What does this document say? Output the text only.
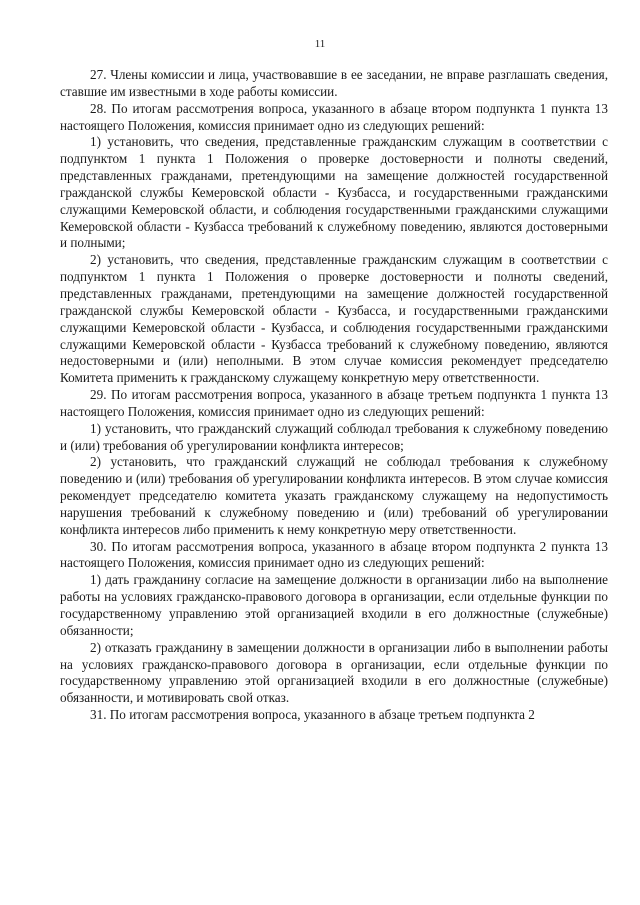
11

27. Члены комиссии и лица, участвовавшие в ее заседании, не вправе разглашать сведения, ставшие им известными в ходе работы комиссии.

28. По итогам рассмотрения вопроса, указанного в абзаце втором подпункта 1 пункта 13 настоящего Положения, комиссия принимает одно из следующих решений:

1) установить, что сведения, представленные гражданским служащим в соответствии с подпунктом 1 пункта 1 Положения о проверке достоверности и полноты сведений, представленных гражданами, претендующими на замещение должностей государственной гражданской службы Кемеровской области - Кузбасса, и государственными гражданскими служащими Кемеровской области, и соблюдения государственными гражданскими служащими Кемеровской области - Кузбасса требований к служебному поведению, являются достоверными и полными;

2) установить, что сведения, представленные гражданским служащим в соответствии с подпунктом 1 пункта 1 Положения о проверке достоверности и полноты сведений, представленных гражданами, претендующими на замещение должностей государственной гражданской службы Кемеровской области - Кузбасса, и государственными гражданскими служащими Кемеровской области - Кузбасса, и соблюдения государственными гражданскими служащими Кемеровской области - Кузбасса требований к служебному поведению, являются недостоверными и (или) неполными. В этом случае комиссия рекомендует председателю Комитета применить к гражданскому служащему конкретную меру ответственности.

29. По итогам рассмотрения вопроса, указанного в абзаце третьем подпункта 1 пункта 13 настоящего Положения, комиссия принимает одно из следующих решений:

1) установить, что гражданский служащий соблюдал требования к служебному поведению и (или) требования об урегулировании конфликта интересов;

2) установить, что гражданский служащий не соблюдал требования к служебному поведению и (или) требования об урегулировании конфликта интересов. В этом случае комиссия рекомендует председателю комитета указать гражданскому служащему на недопустимость нарушения требований к служебному поведению и (или) требований об урегулировании конфликта интересов либо применить к нему конкретную меру ответственности.

30. По итогам рассмотрения вопроса, указанного в абзаце втором подпункта 2 пункта 13 настоящего Положения, комиссия принимает одно из следующих решений:

1) дать гражданину согласие на замещение должности в организации либо на выполнение работы на условиях гражданско-правового договора в организации, если отдельные функции по государственному управлению этой организацией входили в его должностные (служебные) обязанности;

2) отказать гражданину в замещении должности в организации либо в выполнении работы на условиях гражданско-правового договора в организации, если отдельные функции по государственному управлению этой организацией входили в его должностные (служебные) обязанности, и мотивировать свой отказ.

31. По итогам рассмотрения вопроса, указанного в абзаце третьем подпункта 2
